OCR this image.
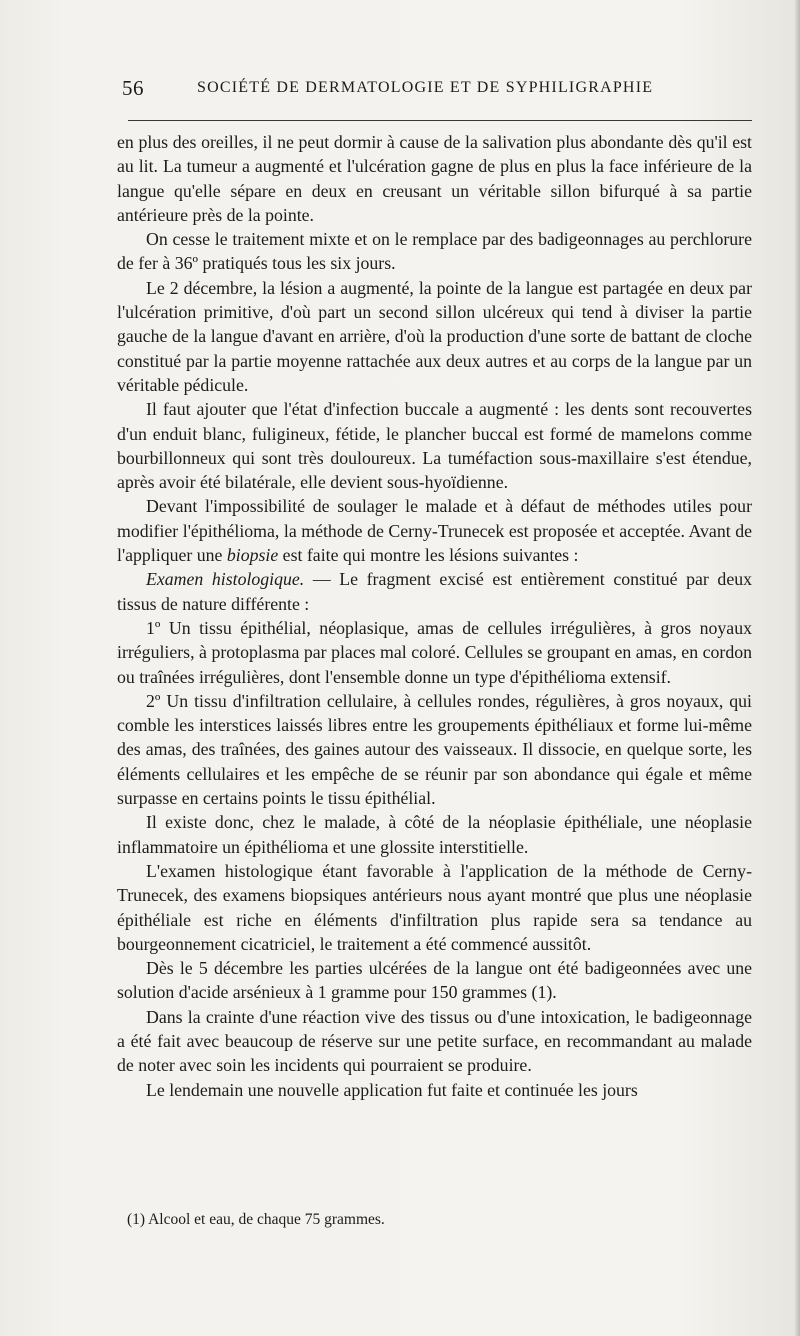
56	SOCIÉTÉ DE DERMATOLOGIE ET DE SYPHILIGRAPHIE

en plus des oreilles, il ne peut dormir à cause de la salivation plus abondante dès qu'il est au lit. La tumeur a augmenté et l'ulcération gagne de plus en plus la face inférieure de la langue qu'elle sépare en deux en creusant un véritable sillon bifurqué à sa partie antérieure près de la pointe.

On cesse le traitement mixte et on le remplace par des badigeonnages au perchlorure de fer à 36º pratiqués tous les six jours.

Le 2 décembre, la lésion a augmenté, la pointe de la langue est partagée en deux par l'ulcération primitive, d'où part un second sillon ulcéreux qui tend à diviser la partie gauche de la langue d'avant en arrière, d'où la production d'une sorte de battant de cloche constitué par la partie moyenne rattachée aux deux autres et au corps de la langue par un véritable pédicule.

Il faut ajouter que l'état d'infection buccale a augmenté : les dents sont recouvertes d'un enduit blanc, fuligineux, fétide, le plancher buccal est formé de mamelons comme bourbillonneux qui sont très douloureux. La tuméfaction sous-maxillaire s'est étendue, après avoir été bilatérale, elle devient sous-hyoïdienne.

Devant l'impossibilité de soulager le malade et à défaut de méthodes utiles pour modifier l'épithélioma, la méthode de Cerny-Trunecek est proposée et acceptée. Avant de l'appliquer une biopsie est faite qui montre les lésions suivantes :

Examen histologique. — Le fragment excisé est entièrement constitué par deux tissus de nature différente :

1º Un tissu épithélial, néoplasique, amas de cellules irrégulières, à gros noyaux irréguliers, à protoplasma par places mal coloré. Cellules se groupant en amas, en cordon ou traînées irrégulières, dont l'ensemble donne un type d'épithélioma extensif.

2º Un tissu d'infiltration cellulaire, à cellules rondes, régulières, à gros noyaux, qui comble les interstices laissés libres entre les groupements épithéliaux et forme lui-même des amas, des traînées, des gaines autour des vaisseaux. Il dissocie, en quelque sorte, les éléments cellulaires et les empêche de se réunir par son abondance qui égale et même surpasse en certains points le tissu épithélial.

Il existe donc, chez le malade, à côté de la néoplasie épithéliale, une néoplasie inflammatoire un épithélioma et une glossite interstitielle.

L'examen histologique étant favorable à l'application de la méthode de Cerny-Trunecek, des examens biopsiques antérieurs nous ayant montré que plus une néoplasie épithéliale est riche en éléments d'infiltration plus rapide sera sa tendance au bourgeonnement cicatriciel, le traitement a été commencé aussitôt.

Dès le 5 décembre les parties ulcérées de la langue ont été badigeonnées avec une solution d'acide arsénieux à 1 gramme pour 150 grammes (1).

Dans la crainte d'une réaction vive des tissus ou d'une intoxication, le badigeonnage a été fait avec beaucoup de réserve sur une petite surface, en recommandant au malade de noter avec soin les incidents qui pourraient se produire.

Le lendemain une nouvelle application fut faite et continuée les jours

(1) Alcool et eau, de chaque 75 grammes.
